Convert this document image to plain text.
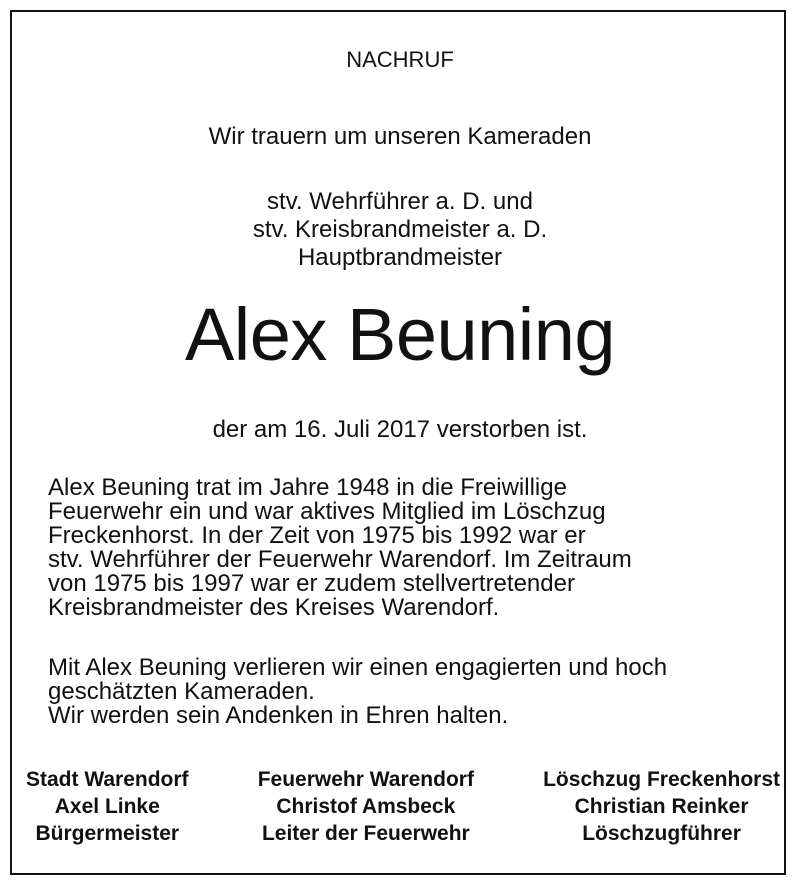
NACHRUF
Wir trauern um unseren Kameraden
stv. Wehrführer a. D. und
stv. Kreisbrandmeister a. D.
Hauptbrandmeister
Alex Beuning
der am 16. Juli 2017 verstorben ist.

Alex Beuning trat im Jahre 1948 in die Freiwillige

Feuerwehr ein und war aktives Mitglied im Löschzug

Freckenhorst. In der Zeit von 1975 bis 1992 war er

stv. Wehrführer der Feuerwehr Warendorf. Im Zeitraum

von 1975 bis 1997 war er zudem stellvertretender

Kreisbrandmeister des Kreises Warendorf.

Mit Alex Beuning verlieren wir einen engagierten und hoch

geschätzten Kameraden.

Wir werden sein Andenken in Ehren halten.

Stadt Warendorf
Axel Linke
Bürgermeister
Feuerwehr Warendorf
Christof Amsbeck
Leiter der Feuerwehr
Löschzug Freckenhorst
Christian Reinker
Löschzugführer
